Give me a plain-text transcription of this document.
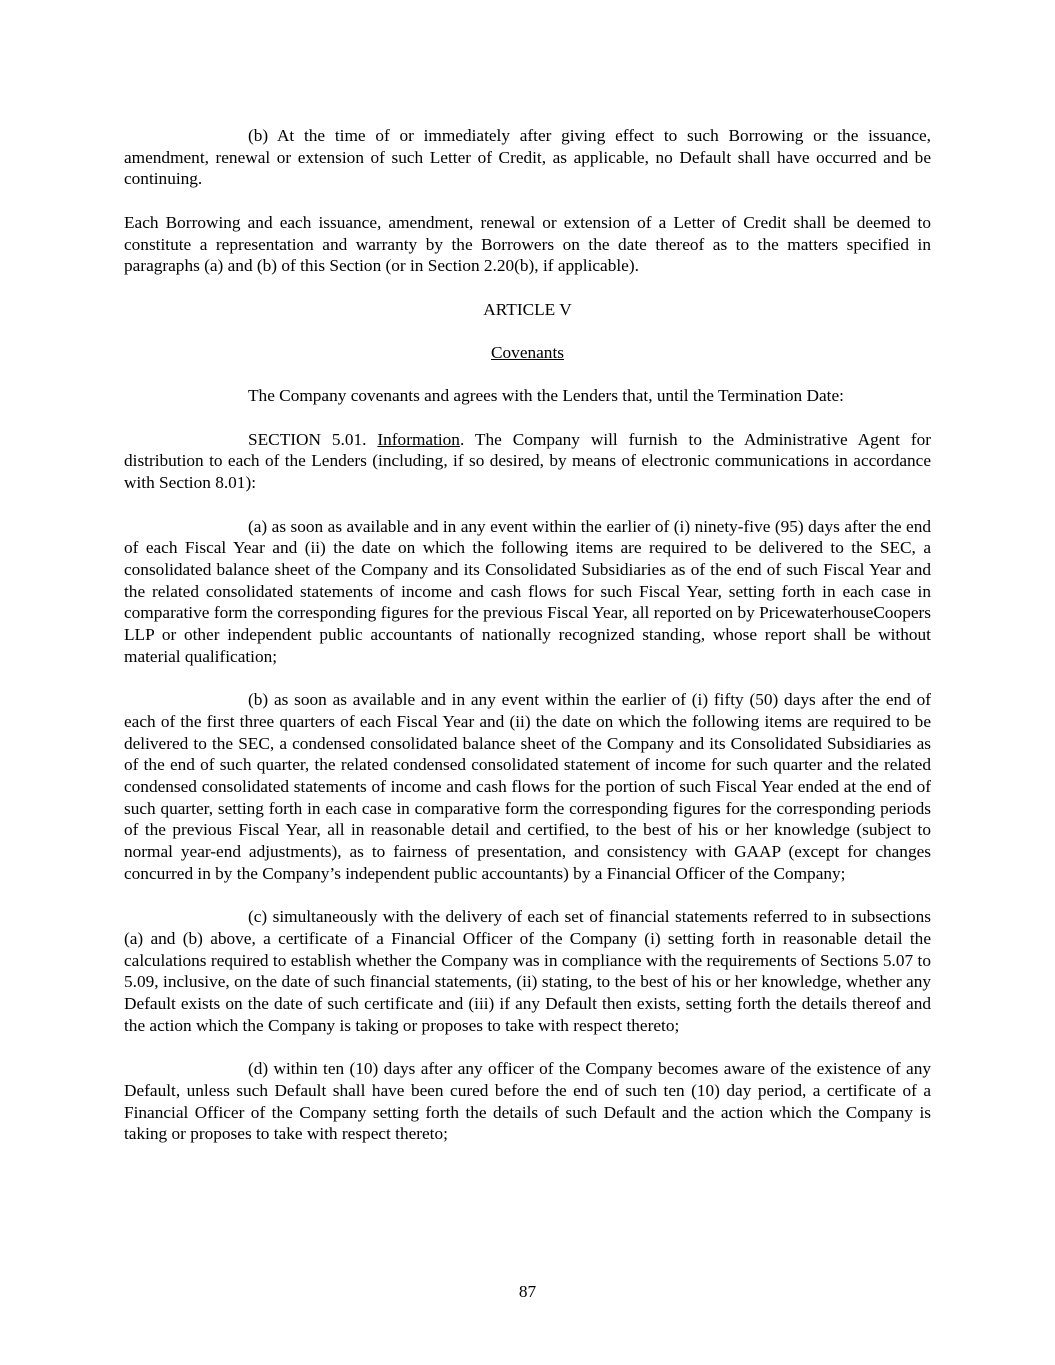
(b) At the time of or immediately after giving effect to such Borrowing or the issuance, amendment, renewal or extension of such Letter of Credit, as applicable, no Default shall have occurred and be continuing.

Each Borrowing and each issuance, amendment, renewal or extension of a Letter of Credit shall be deemed to constitute a representation and warranty by the Borrowers on the date thereof as to the matters specified in paragraphs (a) and (b) of this Section (or in Section 2.20(b), if applicable).

ARTICLE V

Covenants

The Company covenants and agrees with the Lenders that, until the Termination Date:

SECTION 5.01. Information. The Company will furnish to the Administrative Agent for distribution to each of the Lenders (including, if so desired, by means of electronic communications in accordance with Section 8.01):

(a) as soon as available and in any event within the earlier of (i) ninety-five (95) days after the end of each Fiscal Year and (ii) the date on which the following items are required to be delivered to the SEC, a consolidated balance sheet of the Company and its Consolidated Subsidiaries as of the end of such Fiscal Year and the related consolidated statements of income and cash flows for such Fiscal Year, setting forth in each case in comparative form the corresponding figures for the previous Fiscal Year, all reported on by PricewaterhouseCoopers LLP or other independent public accountants of nationally recognized standing, whose report shall be without material qualification;

(b) as soon as available and in any event within the earlier of (i) fifty (50) days after the end of each of the first three quarters of each Fiscal Year and (ii) the date on which the following items are required to be delivered to the SEC, a condensed consolidated balance sheet of the Company and its Consolidated Subsidiaries as of the end of such quarter, the related condensed consolidated statement of income for such quarter and the related condensed consolidated statements of income and cash flows for the portion of such Fiscal Year ended at the end of such quarter, setting forth in each case in comparative form the corresponding figures for the corresponding periods of the previous Fiscal Year, all in reasonable detail and certified, to the best of his or her knowledge (subject to normal year-end adjustments), as to fairness of presentation, and consistency with GAAP (except for changes concurred in by the Company’s independent public accountants) by a Financial Officer of the Company;

(c) simultaneously with the delivery of each set of financial statements referred to in subsections (a) and (b) above, a certificate of a Financial Officer of the Company (i) setting forth in reasonable detail the calculations required to establish whether the Company was in compliance with the requirements of Sections 5.07 to 5.09, inclusive, on the date of such financial statements, (ii) stating, to the best of his or her knowledge, whether any Default exists on the date of such certificate and (iii) if any Default then exists, setting forth the details thereof and the action which the Company is taking or proposes to take with respect thereto;

(d) within ten (10) days after any officer of the Company becomes aware of the existence of any Default, unless such Default shall have been cured before the end of such ten (10) day period, a certificate of a Financial Officer of the Company setting forth the details of such Default and the action which the Company is taking or proposes to take with respect thereto;

87
